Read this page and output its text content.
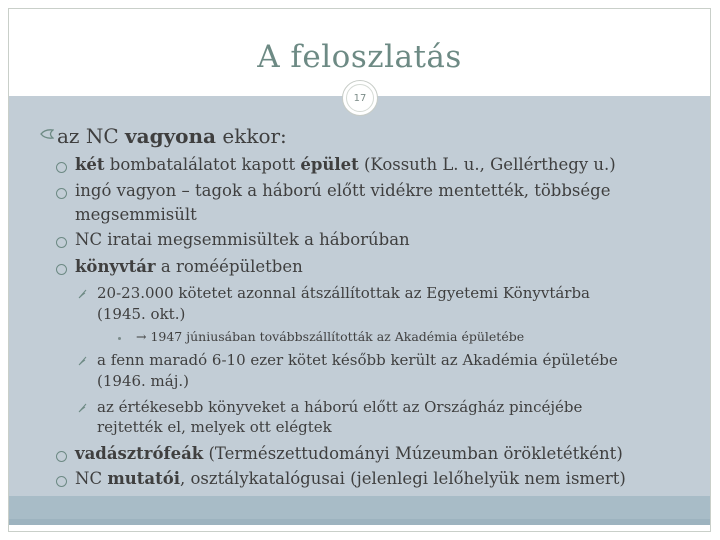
A feloszlatás
17
az NC vagyona ekkor:
két bombatalálatot kapott épület (Kossuth L. u., Gellérthegy u.)
ingó vagyon – tagok a háború előtt vidékre mentették, többsége
megsemmisült
NC iratai megsemmisültek a háborúban
könyvtár a roméépületben
20-23.000 kötetet azonnal átszállítottak az Egyetemi Könyvtárba
(1945. okt.)
→ 1947 júniusában továbbszállították az Akadémia épületébe
a fenn maradó 6-10 ezer kötet később került az Akadémia épületébe
(1946. máj.)
az értékesebb könyveket a háború előtt az Országház pincéjébe
rejtették el, melyek ott elégtek
vadásztrófeák (Természettudományi Múzeumban örökletétként)
NC mutatói, osztálykatalógusai (jelenlegi lelőhelyük nem ismert)
